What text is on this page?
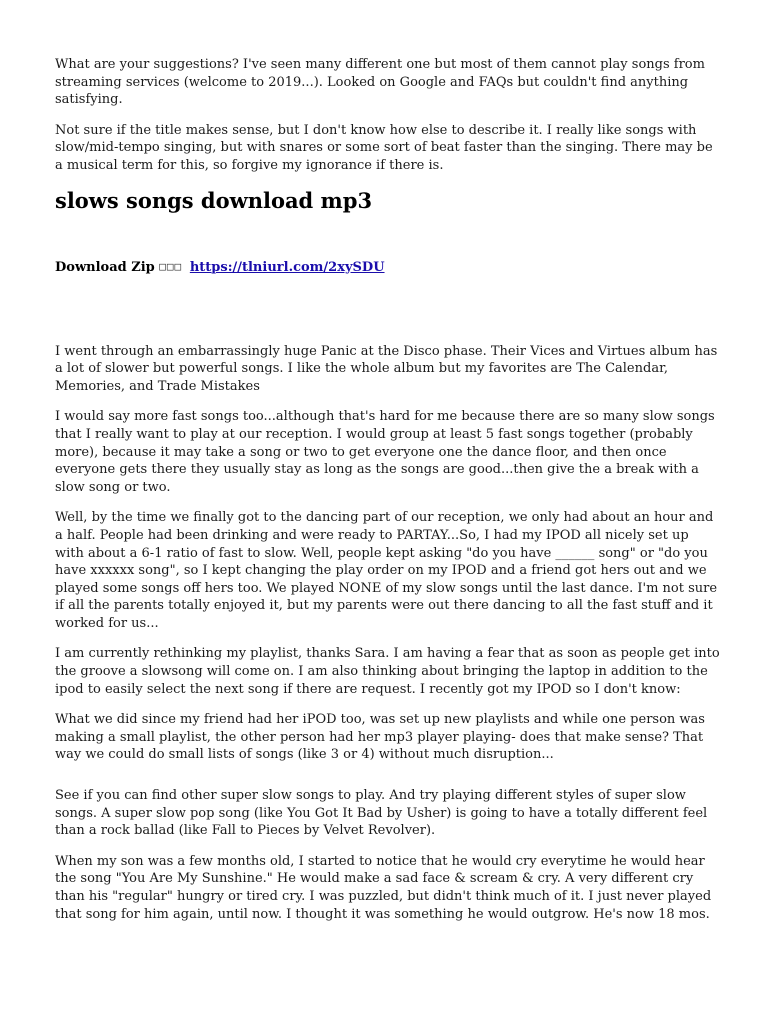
What are your suggestions? I've seen many different one but most of them cannot play songs from streaming services (welcome to 2019...). Looked on Google and FAQs but couldn't find anything satisfying.

Not sure if the title makes sense, but I don't know how else to describe it. I really like songs with slow/mid-tempo singing, but with snares or some sort of beat faster than the singing. There may be a musical term for this, so forgive my ignorance if there is.

slows songs download mp3
Download Zip □□□ https://tlniurl.com/2xySDU

I went through an embarrassingly huge Panic at the Disco phase. Their Vices and Virtues album has a lot of slower but powerful songs. I like the whole album but my favorites are The Calendar, Memories, and Trade Mistakes

I would say more fast songs too...although that's hard for me because there are so many slow songs that I really want to play at our reception. I would group at least 5 fast songs together (probably more), because it may take a song or two to get everyone one the dance floor, and then once everyone gets there they usually stay as long as the songs are good...then give the a break with a slow song or two.

Well, by the time we finally got to the dancing part of our reception, we only had about an hour and a half. People had been drinking and were ready to PARTAY...So, I had my IPOD all nicely set up with about a 6-1 ratio of fast to slow. Well, people kept asking "do you have ______ song" or "do you have xxxxxx song", so I kept changing the play order on my IPOD and a friend got hers out and we played some songs off hers too. We played NONE of my slow songs until the last dance. I'm not sure if all the parents totally enjoyed it, but my parents were out there dancing to all the fast stuff and it worked for us...

I am currently rethinking my playlist, thanks Sara. I am having a fear that as soon as people get into the groove a slowsong will come on. I am also thinking about bringing the laptop in addition to the ipod to easily select the next song if there are request. I recently got my IPOD so I don't know:

What we did since my friend had her iPOD too, was set up new playlists and while one person was making a small playlist, the other person had her mp3 player playing- does that make sense? That way we could do small lists of songs (like 3 or 4) without much disruption...

See if you can find other super slow songs to play. And try playing different styles of super slow songs. A super slow pop song (like You Got It Bad by Usher) is going to have a totally different feel than a rock ballad (like Fall to Pieces by Velvet Revolver).

When my son was a few months old, I started to notice that he would cry everytime he would hear the song "You Are My Sunshine." He would make a sad face & scream & cry. A very different cry than his "regular" hungry or tired cry. I was puzzled, but didn't think much of it. I just never played that song for him again, until now. I thought it was something he would outgrow. He's now 18 mos.
